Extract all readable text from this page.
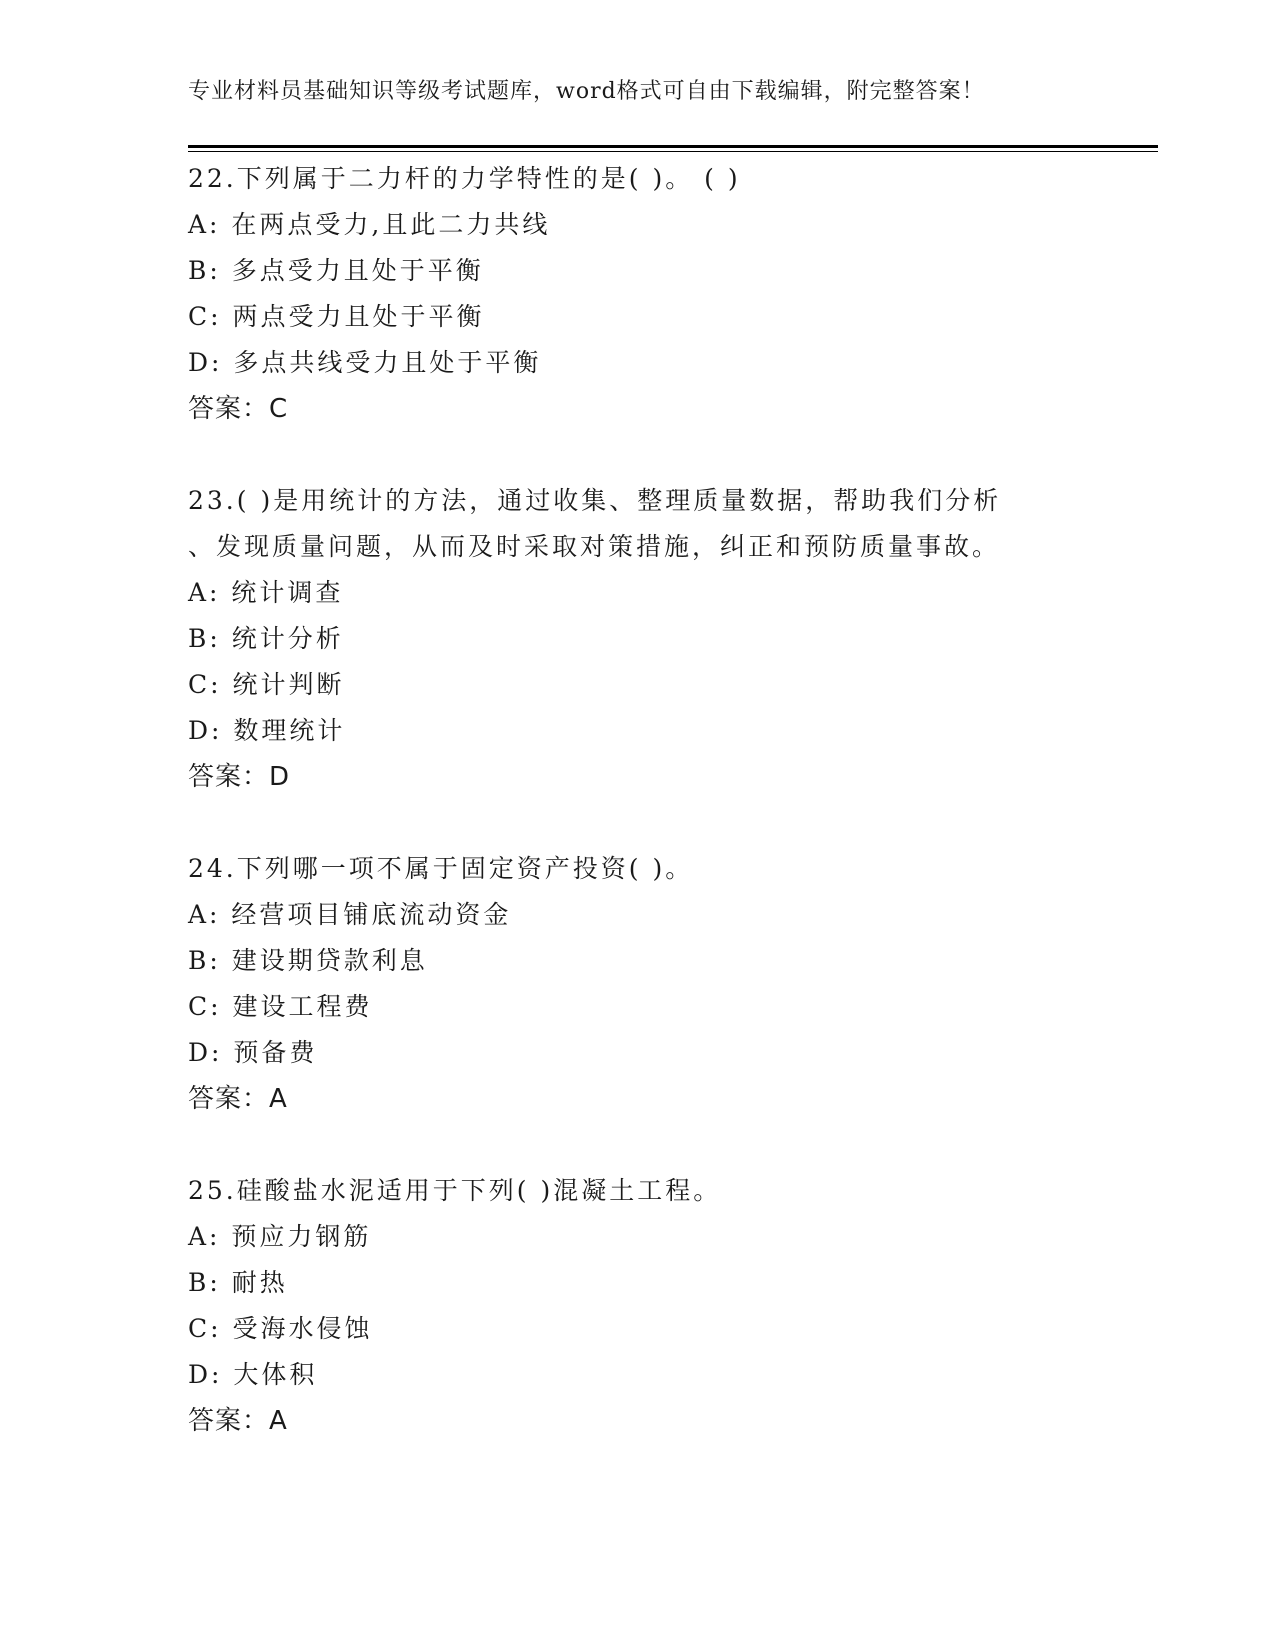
专业材料员基础知识等级考试题库，word格式可自由下载编辑，附完整答案！
22.下列属于二力杆的力学特性的是( )。 ( )
A: 在两点受力,且此二力共线
B: 多点受力且处于平衡
C: 两点受力且处于平衡
D: 多点共线受力且处于平衡
答案：C
23.( )是用统计的方法，通过收集、整理质量数据，帮助我们分析
、发现质量问题，从而及时采取对策措施，纠正和预防质量事故。
A: 统计调查
B: 统计分析
C: 统计判断
D: 数理统计
答案：D
24.下列哪一项不属于固定资产投资( )。
A: 经营项目铺底流动资金
B: 建设期贷款利息
C: 建设工程费
D: 预备费
答案：A
25.硅酸盐水泥适用于下列( )混凝土工程。
A: 预应力钢筋
B: 耐热
C: 受海水侵蚀
D: 大体积
答案：A
